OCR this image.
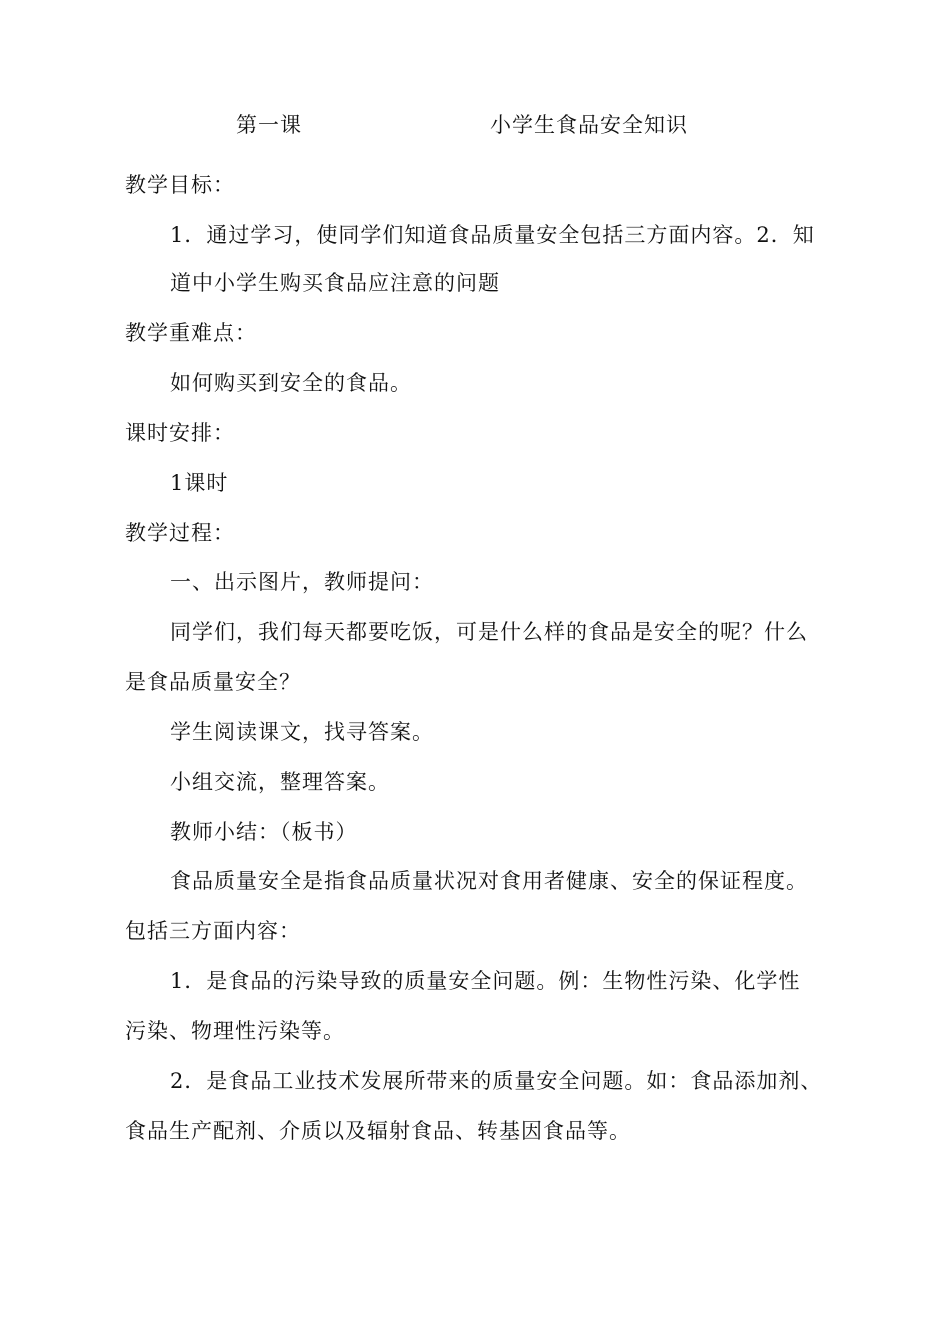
第一课	小学生食品安全知识
教学目标：
1．通过学习，使同学们知道食品质量安全包括三方面内容。2．知
道中小学生购买食品应注意的问题
教学重难点：
如何购买到安全的食品。
课时安排：
1课时
教学过程：
一、出示图片，教师提问：
同学们，我们每天都要吃饭，可是什么样的食品是安全的呢？什么
是食品质量安全？
学生阅读课文，找寻答案。
小组交流，整理答案。
教师小结：（板书）
食品质量安全是指食品质量状况对食用者健康、安全的保证程度。
包括三方面内容：
1．是食品的污染导致的质量安全问题。例：生物性污染、化学性
污染、物理性污染等。
2．是食品工业技术发展所带来的质量安全问题。如：食品添加剂、
食品生产配剂、介质以及辐射食品、转基因食品等。
